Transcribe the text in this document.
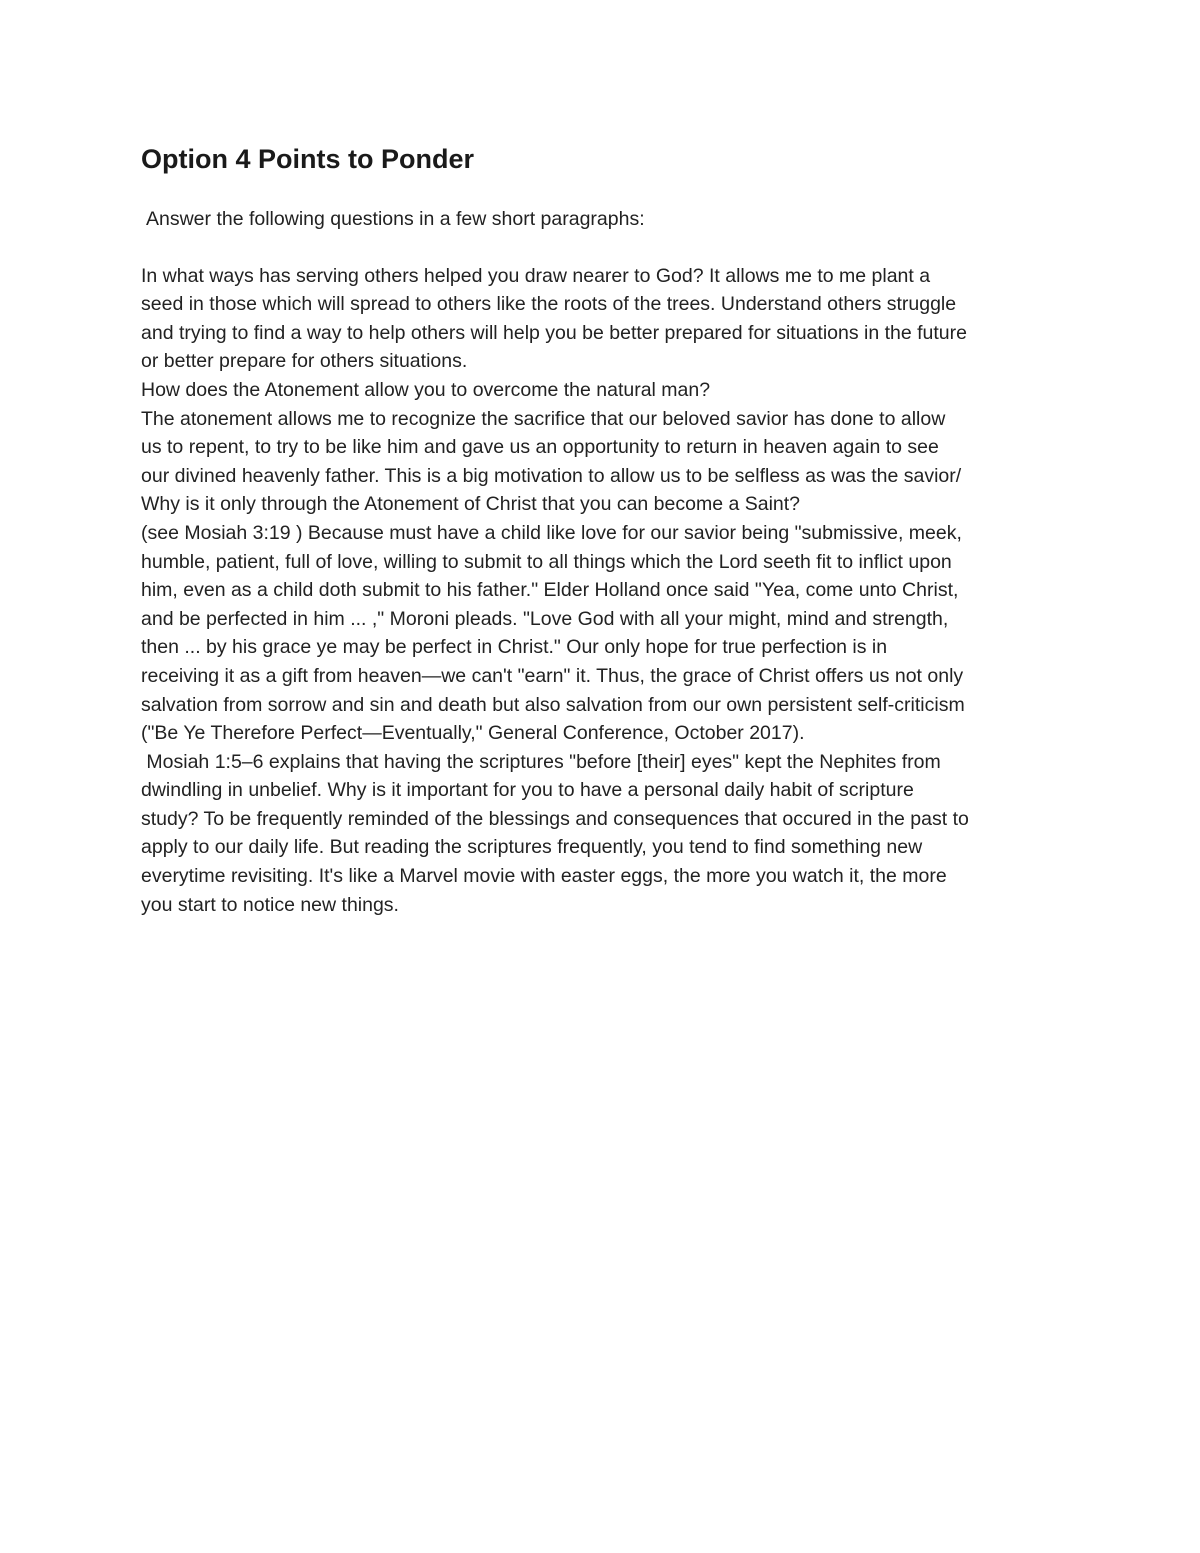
Option 4 Points to Ponder
Answer the following questions in a few short paragraphs:
In what ways has serving others helped you draw nearer to God? It allows me to me plant a
seed in those which will spread to others like the roots of the trees. Understand others struggle
and trying to find a way to help others will help you be better prepared for situations in the future
or better prepare for others situations.
How does the Atonement allow you to overcome the natural man?
The atonement allows me to recognize the sacrifice that our beloved savior has done to allow
us to repent, to try to be like him and gave us an opportunity to return in heaven again to see
our divined heavenly father. This is a big motivation to allow us to be selfless as was the savior/
Why is it only through the Atonement of Christ that you can become a Saint?
(see Mosiah 3:19 ) Because must have a child like love for our savior being "submissive, meek,
humble, patient, full of love, willing to submit to all things which the Lord seeth fit to inflict upon
him, even as a child doth submit to his father." Elder Holland once said "Yea, come unto Christ,
and be perfected in him ... ," Moroni pleads. "Love God with all your might, mind and strength,
then ... by his grace ye may be perfect in Christ." Our only hope for true perfection is in
receiving it as a gift from heaven—we can't "earn" it. Thus, the grace of Christ offers us not only
salvation from sorrow and sin and death but also salvation from our own persistent self-criticism
("Be Ye Therefore Perfect—Eventually," General Conference, October 2017).
Mosiah 1:5–6 explains that having the scriptures "before [their] eyes" kept the Nephites from
dwindling in unbelief. Why is it important for you to have a personal daily habit of scripture
study? To be frequently reminded of the blessings and consequences that occured in the past to
apply to our daily life. But reading the scriptures frequently, you tend to find something new
everytime revisiting. It's like a Marvel movie with easter eggs, the more you watch it, the more
you start to notice new things.
